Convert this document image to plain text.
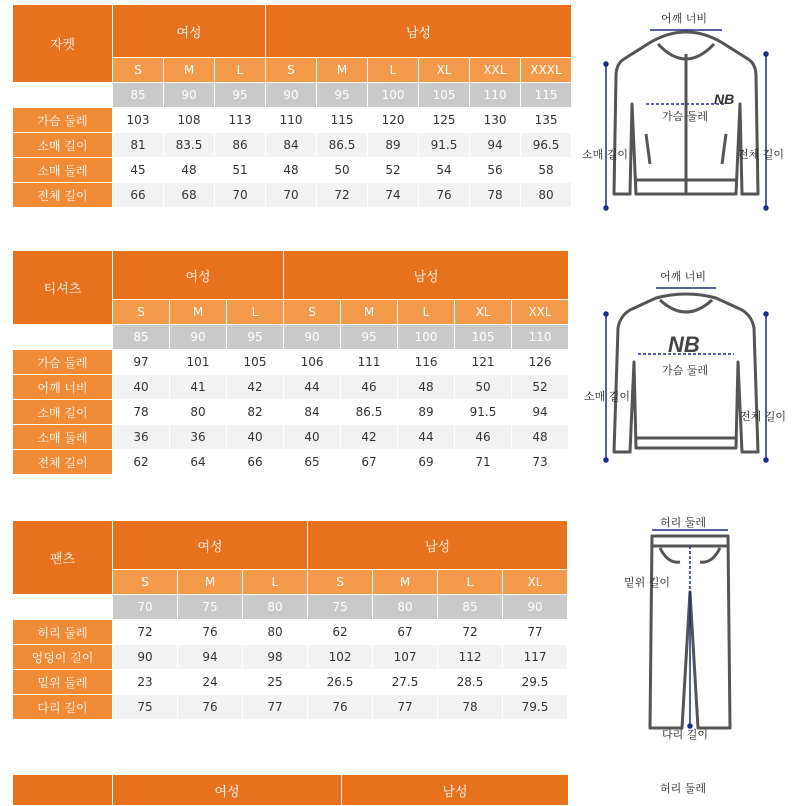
자켓	여성			남성					
	S	M	L	S	M	L	XL	XXL	XXXL
	85	90	95	90	95	100	105	110	115
가슴 둘레	103	108	113	110	115	120	125	130	135
소매 길이	81	83.5	86	84	86.5	89	91.5	94	96.5
소매 둘레	45	48	51	48	50	52	54	56	58
전체 길이	66	68	70	70	72	74	76	78	80
NB
어깨 너비
가슴 둘레
소매 길이	전체 길이
티셔츠	여성			남성				
	S	M	L	S	M	L	XL	XXL
	85	90	95	90	95	100	105	110
가슴 둘레	97	101	105	106	111	116	121	126
어깨 너비	40	41	42	44	46	48	50	52
소매 길이	78	80	82	84	86.5	89	91.5	94
소매 둘레	36	36	40	40	42	44	46	48
전체 길이	62	64	66	65	67	69	71	73
NB
어깨 너비
가슴 둘레
소매 길이
전체 길이
팬츠	여성			남성			
	S	M	L	S	M	L	XL
	70	75	80	75	80	85	90
허리 둘레	72	76	80	62	67	72	77
엉덩이 길이	90	94	98	102	107	112	117
밑위 둘레	23	24	25	26.5	27.5	28.5	29.5
다리 길이	75	76	77	76	77	78	79.5
허리 둘레
밑위 길이
다리 길이
	여성	남성	허리 둘레
